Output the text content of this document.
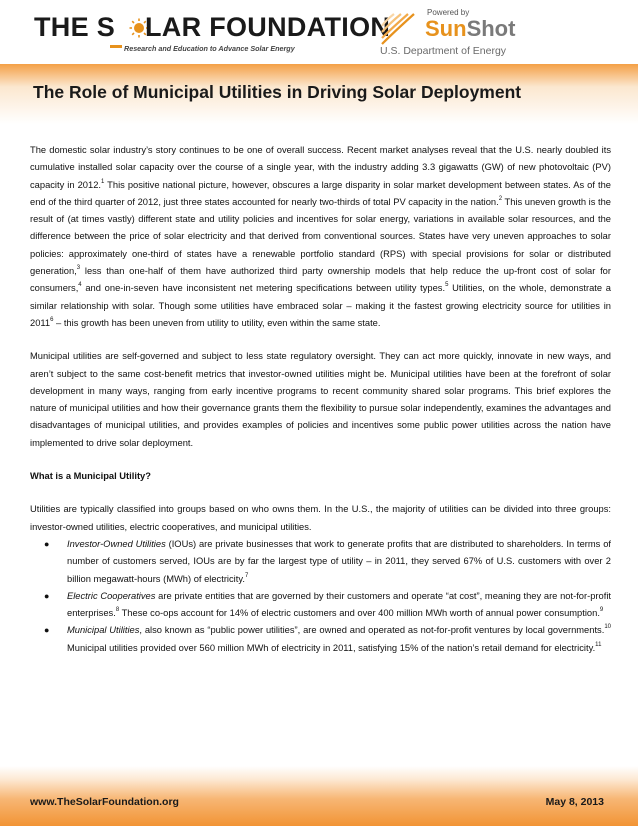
THE S LAR FOUNDATION
Research and Education to Advance Solar Energy
Powered by
SunShot
U.S. Department of Energy
The Role of Municipal Utilities in Driving Solar Deployment

The domestic solar industry’s story continues to be one of overall success. Recent market analyses reveal that the U.S. nearly doubled its cumulative installed solar capacity over the course of a single year, with the industry adding 3.3 gigawatts (GW) of new photovoltaic (PV) capacity in 2012.$^1$ This positive national picture, however, obscures a large disparity in solar market development between states. As of the end of the third quarter of 2012, just three states accounted for nearly two-thirds of total PV capacity in the nation.$^2$ This uneven growth is the result of (at times vastly) different state and utility policies and incentives for solar energy, variations in available solar resources, and the difference between the price of solar electricity and that derived from conventional sources. States have very uneven approaches to solar policies: approximately one-third of states have a renewable portfolio standard (RPS) with special provisions for solar or distributed generation,$^3$ less than one-half of them have authorized third party ownership models that help reduce the up-front cost of solar for consumers,$^4$ and one-in-seven have inconsistent net metering specifications between utility types.$^5$ Utilities, on the whole, demonstrate a similar relationship with solar. Though some utilities have embraced solar – making it the fastest growing electricity source for utilities in 2011$^6$ – this growth has been uneven from utility to utility, even within the same state.

Municipal utilities are self-governed and subject to less state regulatory oversight. They can act more quickly, innovate in new ways, and aren’t subject to the same cost-benefit metrics that investor-owned utilities might be. Municipal utilities have been at the forefront of solar development in many ways, ranging from early incentive programs to recent community shared solar programs. This brief explores the nature of municipal utilities and how their governance grants them the flexibility to pursue solar independently, examines the advantages and disadvantages of municipal utilities, and provides examples of policies and incentives some public power utilities across the nation have implemented to drive solar deployment.

What is a Municipal Utility?

Utilities are typically classified into groups based on who owns them. In the U.S., the majority of utilities can be divided into three groups: investor-owned utilities, electric cooperatives, and municipal utilities.

● Investor-Owned Utilities (IOUs) are private businesses that work to generate profits that are distributed to shareholders. In terms of number of customers served, IOUs are by far the largest type of utility – in 2011, they served 67% of U.S. customers with over 2 billion megawatt-hours (MWh) of electricity.$^7$
● Electric Cooperatives are private entities that are governed by their customers and operate “at cost”, meaning they are not-for-profit enterprises.$^8$ These co-ops account for 14% of electric customers and over 400 million MWh worth of annual power consumption.$^9$
● Municipal Utilities, also known as “public power utilities”, are owned and operated as not-for-profit ventures by local governments.$^{10}$ Municipal utilities provided over 560 million MWh of electricity in 2011, satisfying 15% of the nation’s retail demand for electricity.$^{11}$
www.TheSolarFoundation.org	May 8, 2013
